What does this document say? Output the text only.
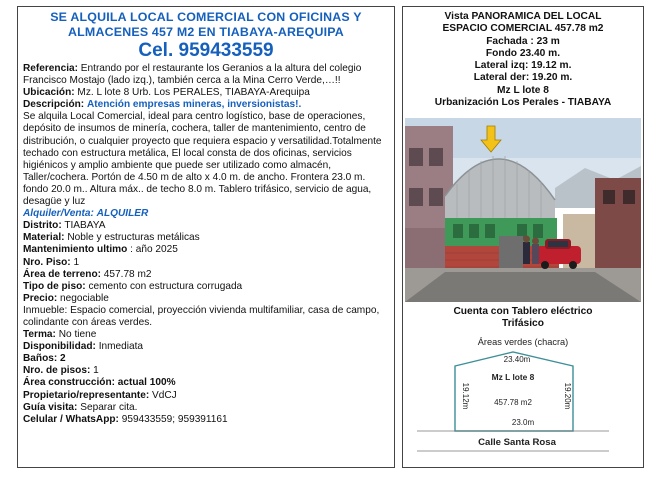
SE ALQUILA LOCAL COMERCIAL CON OFICINAS Y ALMACENES 457 M2 EN TIABAYA-AREQUIPA
Cel. 959433559

Referencia: Entrando por el restaurante los Geranios a la altura del colegio Francisco Mostajo (lado izq.), también cerca a la Mina Cerro Verde,…!!

Ubicación: Mz. L lote 8 Urb. Los PERALES, TIABAYA-Arequipa

Descripción: Atención empresas mineras, inversionistas!.

Se alquila Local Comercial, ideal para centro logístico, base de operaciones, depósito de insumos de minería, cochera, taller de mantenimiento, centro de distribución, o cualquier proyecto que requiera espacio y versatilidad.Totalmente techado con estructura metálica, El local consta de dos oficinas, servicios higiénicos y amplio ambiente que puede ser utilizado como almacén, Taller/cochera. Portón de 4.50 m de alto x 4.0 m. de ancho. Frontera 23.0 m. fondo 20.0 m.. Altura máx.. de techo 8.0 m. Tablero trifásico, servicio de agua, desagüe y luz

Alquiler/Venta: ALQUILER

Distrito: TIABAYA

Material: Noble y estructuras metálicas

Mantenimiento ultimo : año 2025

Nro. Piso: 1

Área de terreno: 457.78 m2

Tipo de piso: cemento con estructura corrugada

Precio: negociable

Inmueble: Espacio comercial, proyección vivienda multifamiliar, casa de campo, colindante con áreas verdes.

Terma: No tiene

Disponibilidad: Inmediata

Baños: 2

Nro. de pisos: 1

Área construcción: actual 100%

Propietario/representante: VdCJ

Guía visita: Separar cita.

Celular / WhatsApp: 959433559; 959391161

Vista PANORAMICA DEL LOCAL
ESPACIO COMERCIAL 457.78 m2
Fachada : 23 m
Fondo 23.40 m.
Lateral izq: 19.12 m.
Lateral der: 19.20 m.
Mz L lote 8
Urbanización Los Perales - TIABAYA
Cuenta con Tablero eléctrico
Trifásico
Áreas verdes (chacra)
23.40m
Mz L lote 8
457.78 m2
19.12m	19.20m
23.0m
Calle Santa Rosa
